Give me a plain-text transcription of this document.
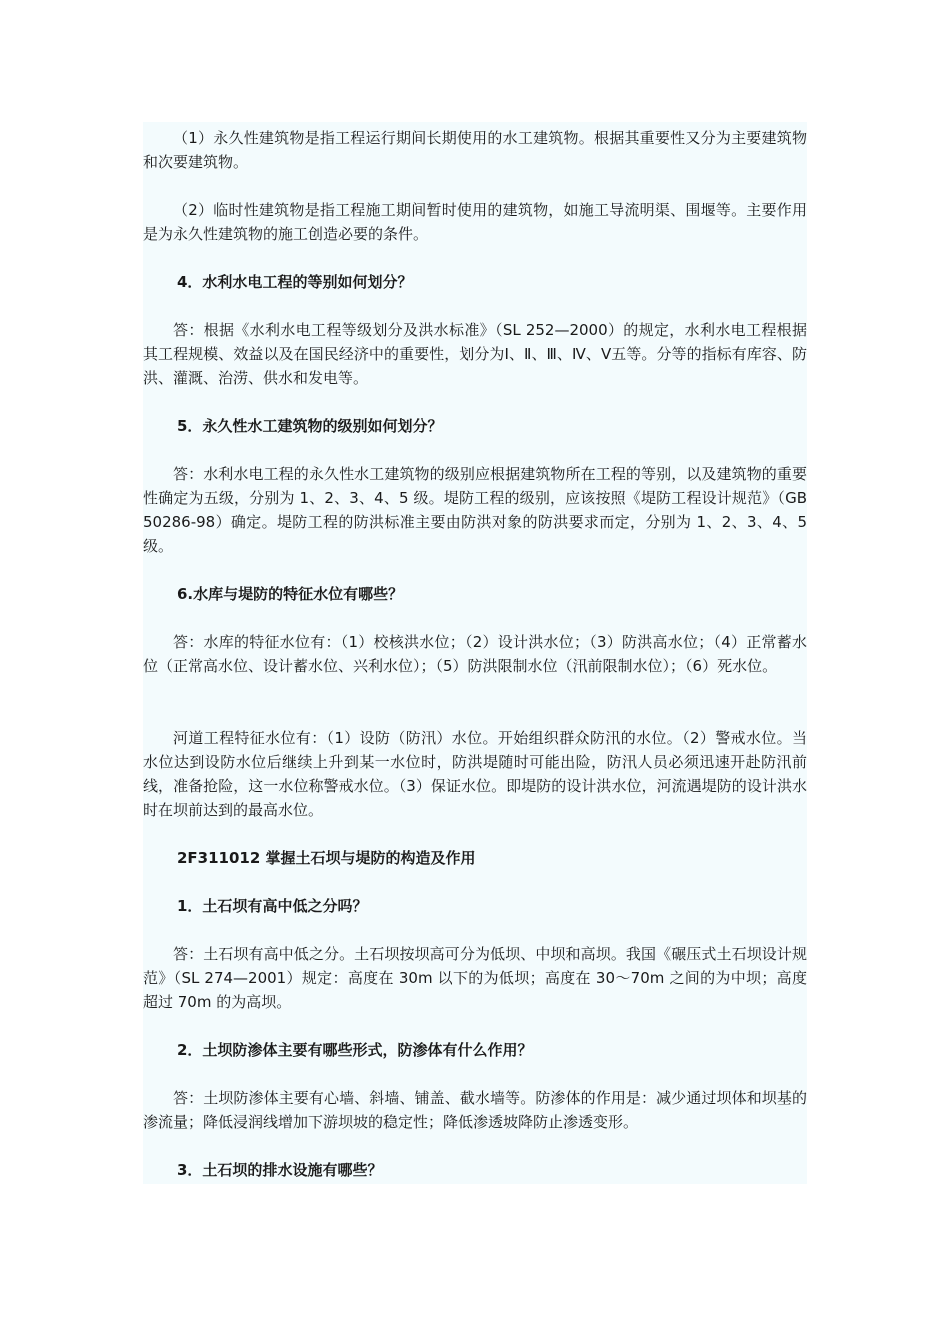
（1）永久性建筑物是指工程运行期间长期使用的水工建筑物。根据其重要性又分为主要建筑物和次要建筑物。

（2）临时性建筑物是指工程施工期间暂时使用的建筑物，如施工导流明渠、围堰等。主要作用是为永久性建筑物的施工创造必要的条件。

4．水利水电工程的等别如何划分？

答：根据《水利水电工程等级划分及洪水标准》（SL 252—2000）的规定，水利水电工程根据其工程规模、效益以及在国民经济中的重要性，划分为Ⅰ、Ⅱ、Ⅲ、Ⅳ、Ⅴ五等。分等的指标有库容、防洪、灌溉、治涝、供水和发电等。

5．永久性水工建筑物的级别如何划分？

答：水利水电工程的永久性水工建筑物的级别应根据建筑物所在工程的等别，以及建筑物的重要性确定为五级，分别为 1、2、3、4、5 级。堤防工程的级别，应该按照《堤防工程设计规范》（GB50286-98）确定。堤防工程的防洪标准主要由防洪对象的防洪要求而定，分别为 1、2、3、4、5 级。

6.水库与堤防的特征水位有哪些？

答：水库的特征水位有：（1）校核洪水位；（2）设计洪水位；（3）防洪高水位；（4）正常蓄水位（正常高水位、设计蓄水位、兴利水位）；（5）防洪限制水位（汛前限制水位）；（6）死水位。

河道工程特征水位有：（1）设防（防汛）水位。开始组织群众防汛的水位。（2）警戒水位。当水位达到设防水位后继续上升到某一水位时，防洪堤随时可能出险，防汛人员必须迅速开赴防汛前线，准备抢险，这一水位称警戒水位。（3）保证水位。即堤防的设计洪水位，河流遇堤防的设计洪水时在坝前达到的最高水位。

2F311012 掌握土石坝与堤防的构造及作用

1．土石坝有高中低之分吗？

答：土石坝有高中低之分。土石坝按坝高可分为低坝、中坝和高坝。我国《碾压式土石坝设计规范》（SL 274—2001）规定：高度在 30m 以下的为低坝；高度在 30～70m 之间的为中坝；高度超过 70m 的为高坝。

2．土坝防渗体主要有哪些形式，防渗体有什么作用？

答：土坝防渗体主要有心墙、斜墙、铺盖、截水墙等。防渗体的作用是：减少通过坝体和坝基的渗流量；降低浸润线增加下游坝坡的稳定性；降低渗透坡降防止渗透变形。

3．土石坝的排水设施有哪些？
